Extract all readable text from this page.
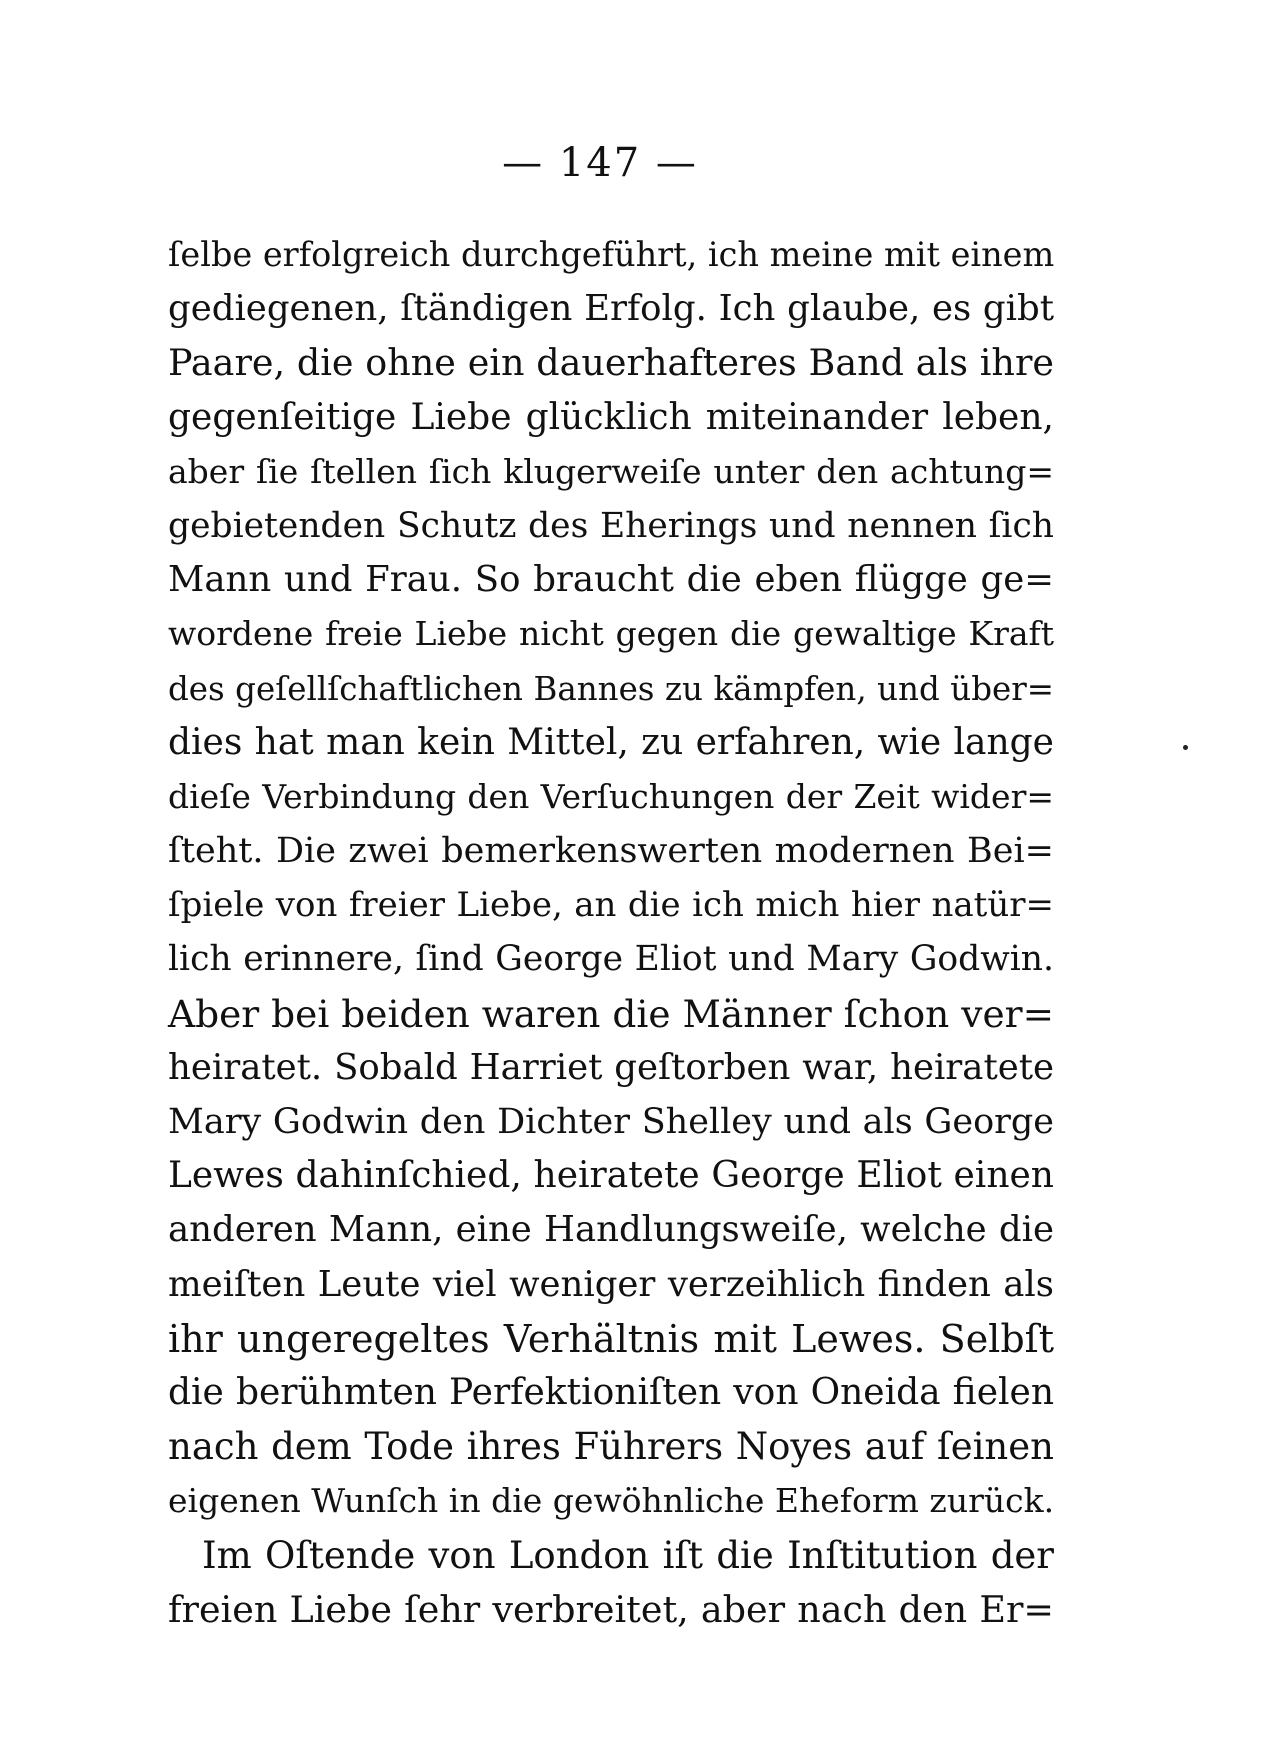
— 147 —
ſelbe erfolgreich durchgeführt, ich meine mit einem
gediegenen, ſtändigen Erfolg. Ich glaube, es gibt
Paare, die ohne ein dauerhafteres Band als ihre
gegenſeitige Liebe glücklich miteinander leben,
aber ſie ſtellen ſich klugerweiſe unter den achtung=
gebietenden Schutz des Eherings und nennen ſich
Mann und Frau. So braucht die eben flügge ge=
wordene freie Liebe nicht gegen die gewaltige Kraft
des geſellſchaftlichen Bannes zu kämpfen, und über=
dies hat man kein Mittel, zu erfahren, wie lange
dieſe Verbindung den Verſuchungen der Zeit wider=
ſteht. Die zwei bemerkenswerten modernen Bei=
ſpiele von freier Liebe, an die ich mich hier natür=
lich erinnere, ſind George Eliot und Mary Godwin.
Aber bei beiden waren die Männer ſchon ver=
heiratet. Sobald Harriet geſtorben war, heiratete
Mary Godwin den Dichter Shelley und als George
Lewes dahinſchied, heiratete George Eliot einen
anderen Mann, eine Handlungsweiſe, welche die
meiſten Leute viel weniger verzeihlich finden als
ihr ungeregeltes Verhältnis mit Lewes. Selbſt
die berühmten Perfektioniſten von Oneida fielen
nach dem Tode ihres Führers Noyes auf ſeinen
eigenen Wunſch in die gewöhnliche Eheform zurück.
Im Oſtende von London iſt die Inſtitution der
freien Liebe ſehr verbreitet, aber nach den Er=
